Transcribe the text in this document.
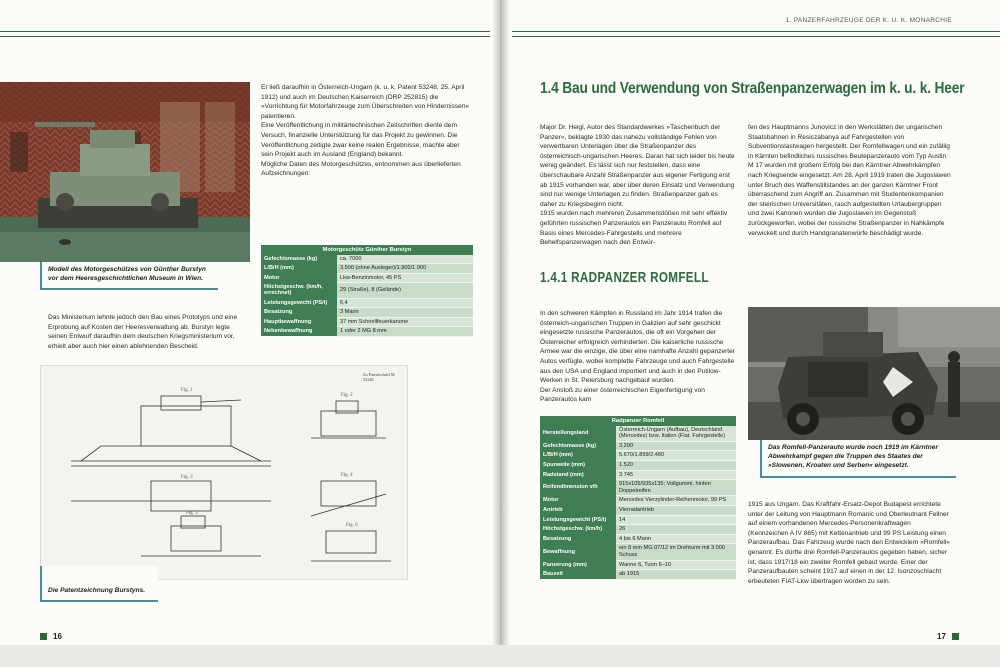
1. PANZERFAHRZEUGE DER K. U. K. MONARCHIE
Modell des Motorgeschützes von Günther Burstyn vor dem Heeresgeschichtlichen Museum in Wien.

Er ließ daraufhin in Österreich-Ungarn (k. u. k. Patent 53248, 25. April 1912) und auch im Deutschen Kaiserreich (DRP 252815) die »Vorrichtung für Motorfahrzeuge zum Überschreiten von Hindernissen« patentieren.

Eine Veröffentlichung in militärtechnischen Zeitschriften diente dem Versuch, finanzielle Unterstützung für das Projekt zu gewinnen. Die Veröffentlichung zeitigte zwar keine realen Ergebnisse, machte aber sein Projekt auch im Ausland (England) bekannt.

Mögliche Daten des Motorgeschützes, entnommen aus überlieferten Aufzeichnungen:

Motorgeschütz Günther Burstyn	
Gefechtsmasse (kg)	ca. 7000
L/B/H (mm)	3.500 (ohne Ausleger)/1.900/1.900
Motor	Lkw-Benzinmotor, 45 PS
Höchstgeschw. (km/h, errechnet)	29 (Straße), 8 (Gelände)
Leistungsgewicht (PS/t)	6,4
Besatzung	3 Mann
Hauptbewaffnung	37 mm Schnellfeuerkanone
Nebenbewaffnung	1 oder 2 MG 8 mm
Das Ministerium lehnte jedoch den Bau eines Prototyps und eine Erprobung auf Kosten der Heeresverwaltung ab. Burstyn legte seinen Entwurf daraufhin dem deutschen Kriegsministerium vor, erhielt aber auch hier einen ablehnenden Bescheid.
Fig. 1
Fig. 2
Fig. 3	Fig. 4
Fig. 5
Fig. 6
Zu Patentschrift M 53248.
Die Patentzeichnung Burstyns.
16
1.4 Bau und Verwendung von Straßenpanzerwagen im k. u. k. Heer

Major Dr. Heigl, Autor des Standardwerkes »Taschenbuch der Panzer«, beklagte 1930 das nahezu vollständige Fehlen von verwertbaren Unterlagen über die Straßenpanzer des österreichisch-ungarischen Heeres. Daran hat sich leider bis heute wenig geändert. Es lässt sich nur feststellen, dass eine überschaubare Anzahl Straßenpanzer aus eigener Fertigung erst ab 1915 vorhanden war, aber über deren Einsatz und Verwendung sind nur wenige Unterlagen zu finden. Straßenpanzer gab es daher zu Kriegsbeginn nicht.

1915 wurden nach mehreren Zusammenstößen mit sehr effektiv geführten russischen Panzerautos ein Panzerauto Romfell auf Basis eines Mercedes-Fahrgestells und mehrere Behelfspanzerwagen nach den Entwür-

fen des Hauptmanns Junovicz in den Werkstätten der ungarischen Staatsbahnen in Resiczabanya auf Fahrgestellen von Subventionslastwagen hergestellt. Der Romfellwagen und ein zufällig in Kärnten befindliches russisches Beutepanzerauto vom Typ Austin M 17 wurden mit großem Erfolg bei den Kärntner Abwehrkämpfen nach Kriegsende eingesetzt. Am 28. April 1919 traten die Jugoslawen unter Bruch des Waffenstillstandes an der ganzen Kärntner Front überraschend zum Angriff an. Zusammen mit Studentenkompanien der steirischen Universitäten, rasch aufgestellten Urlaubergruppen und zwei Kanonen wurden die Jugoslawen im Gegenstoß zurückgeworfen, wobei der russische Straßenpanzer in Nahkämpfe verwickelt und durch Handgranatenwürfe beschädigt wurde.
1.4.1 RADPANZER ROMFELL

In den schweren Kämpfen in Russland im Jahr 1914 trafen die österreich-ungarischen Truppen in Galizien auf sehr geschickt eingesetzte russische Panzerautos, die oft ein Vorgehen der Österreicher erfolgreich verhinderten. Die kaiserliche russische Armee war die einzige, die über eine namhafte Anzahl gepanzerter Autos verfügte, wobei komplette Fahrzeuge und auch Fahrgestelle aus den USA und England importiert und auch in den Putilow-Werken in St. Petersburg nachgebaut wurden.

Der Anstoß zu einer österreichischen Eigenfertigung von Panzerautos kam

Radpanzer Romfell	
Herstellungsland	Österreich-Ungarn (Aufbau), Deutschland (Mercedes) bzw. Italien (Fiat, Fahrgestelle)
Gefechtsmasse (kg)	3.200
L/B/H (mm)	5.670/1.899/2.480
Spurweite (mm)	1.520
Radstand (mm)	3.745
Reifendimension v/h	915x105/935x135; Vollgummi, hinten Doppelreifen
Motor	Mercedes Vierzylinder-Reihenmotor, 99 PS
Antrieb	Vierradantrieb
Leistungsgewicht (PS/t)	14
Höchstgeschw. (km/h)	26
Besatzung	4 bis 6 Mann
Bewaffnung	ein 8 mm MG 07/12 im Drehturm mit 3.000 Schuss
Panzerung (mm)	Wanne 6, Turm 6–10
Bauzeit	ab 1915
Das Romfell-Panzerauto wurde noch 1919 im Kärntner Abwehrkampf gegen die Truppen des Staates der »Slowenen, Kroaten und Serben« eingesetzt.
1915 aus Ungarn. Das Kraftfahr-Ersatz-Depot Budapest errichtete unter der Leitung von Hauptmann Romanic und Oberleutnant Fellner auf einem vorhandenen Mercedes-Personenkraftwagen (Kennzeichen A IV 865) mit Kettenantrieb und 99 PS Leistung einen Panzeraufbau. Das Fahrzeug wurde nach den Entwicklern »Romfell« genannt. Es dürfte drei Romfell-Panzerautos gegeben haben, sicher ist, dass 1917/18 ein zweiter Romfell gebaut wurde. Einer der Panzeraufbauten scheint 1917 auf einen in der 12. Isonzoschlacht erbeuteten FIAT-Lkw übertragen worden zu sein.
17
